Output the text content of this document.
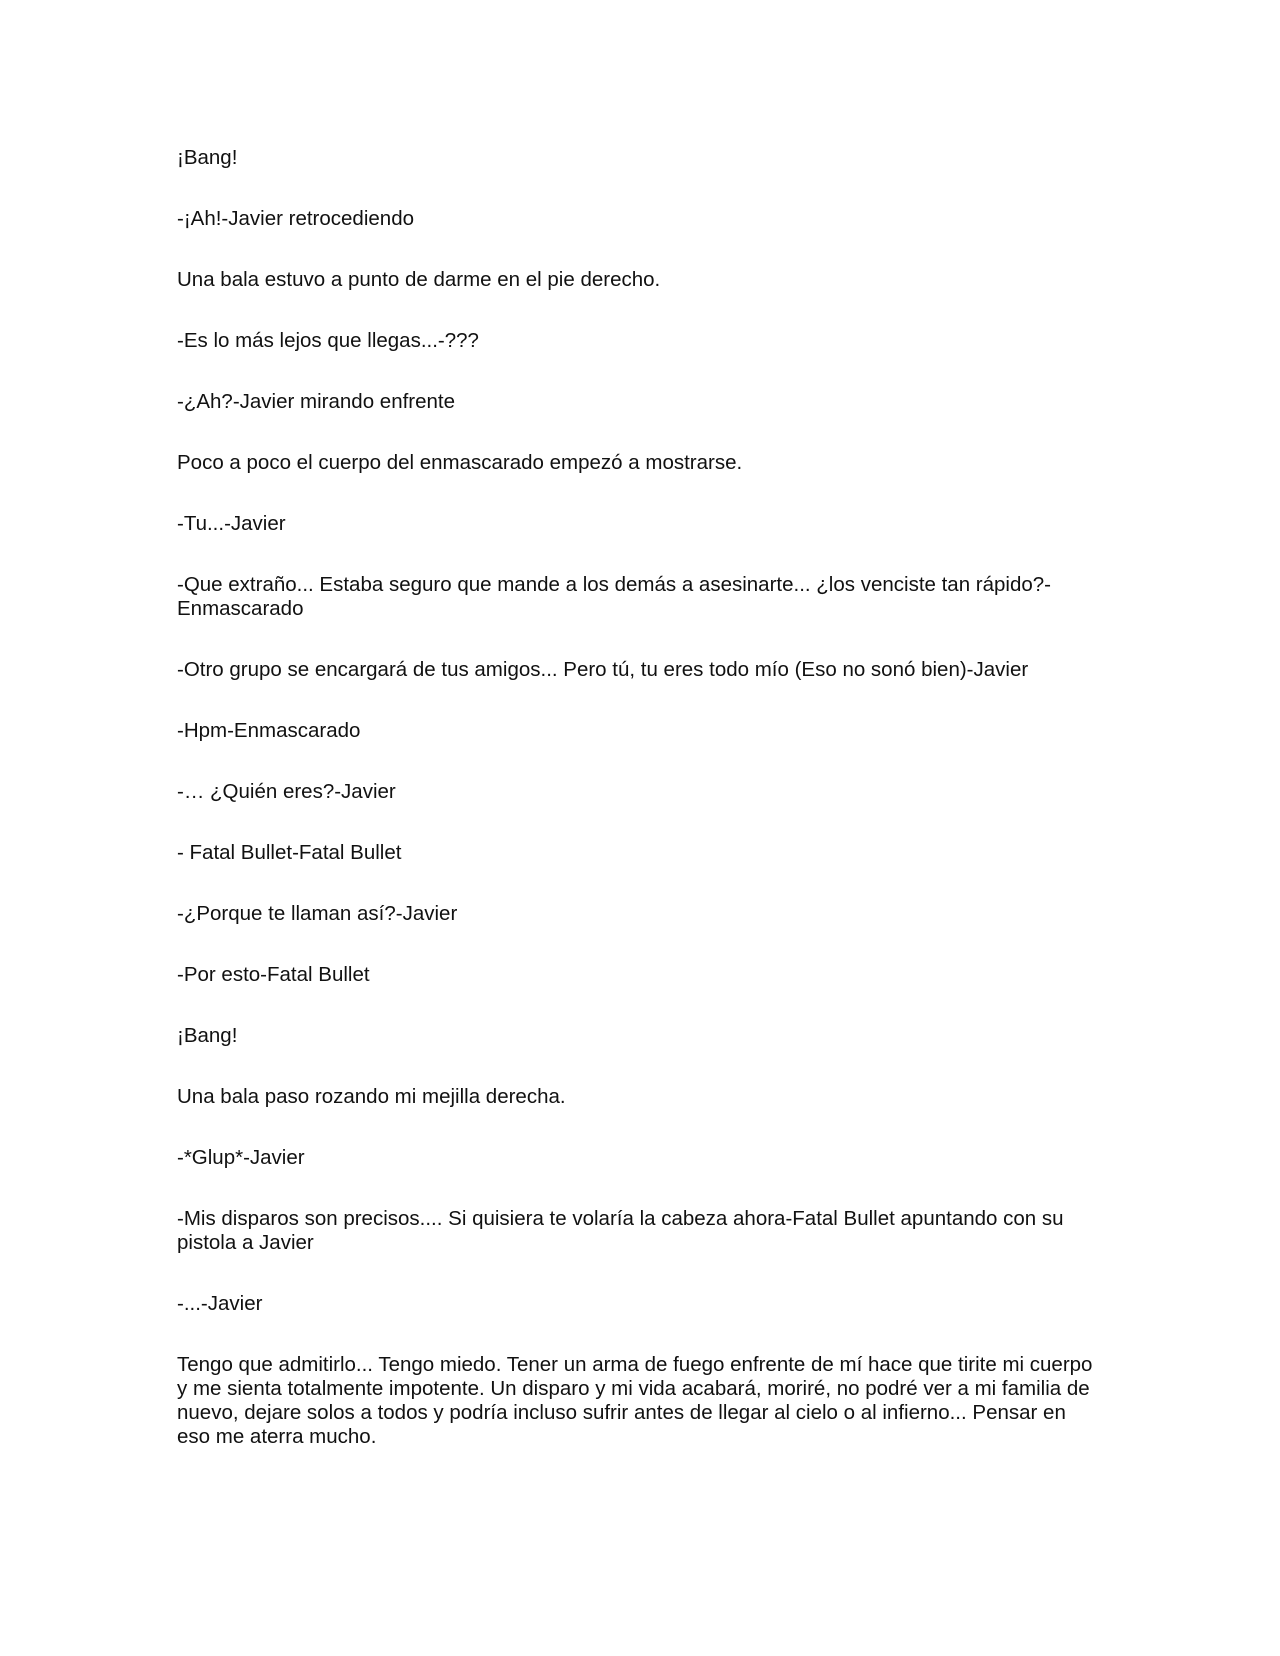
¡Bang!

-¡Ah!-Javier retrocediendo

Una bala estuvo a punto de darme en el pie derecho.

-Es lo más lejos que llegas...-???

-¿Ah?-Javier mirando enfrente

Poco a poco el cuerpo del enmascarado empezó a mostrarse.

-Tu...-Javier

-Que extraño... Estaba seguro que mande a los demás a asesinarte... ¿los venciste tan rápido?-Enmascarado

-Otro grupo se encargará de tus amigos... Pero tú, tu eres todo mío (Eso no sonó bien)-Javier

-Hpm-Enmascarado

-… ¿Quién eres?-Javier

- Fatal Bullet-Fatal Bullet

-¿Porque te llaman así?-Javier

-Por esto-Fatal Bullet

¡Bang!

Una bala paso rozando mi mejilla derecha.

-*Glup*-Javier

-Mis disparos son precisos.... Si quisiera te volaría la cabeza ahora-Fatal Bullet apuntando con su pistola a Javier

-...-Javier

Tengo que admitirlo... Tengo miedo. Tener un arma de fuego enfrente de mí hace que tirite mi cuerpo y me sienta totalmente impotente. Un disparo y mi vida acabará, moriré, no podré ver a mi familia de nuevo, dejare solos a todos y podría incluso sufrir antes de llegar al cielo o al infierno... Pensar en eso me aterra mucho.
